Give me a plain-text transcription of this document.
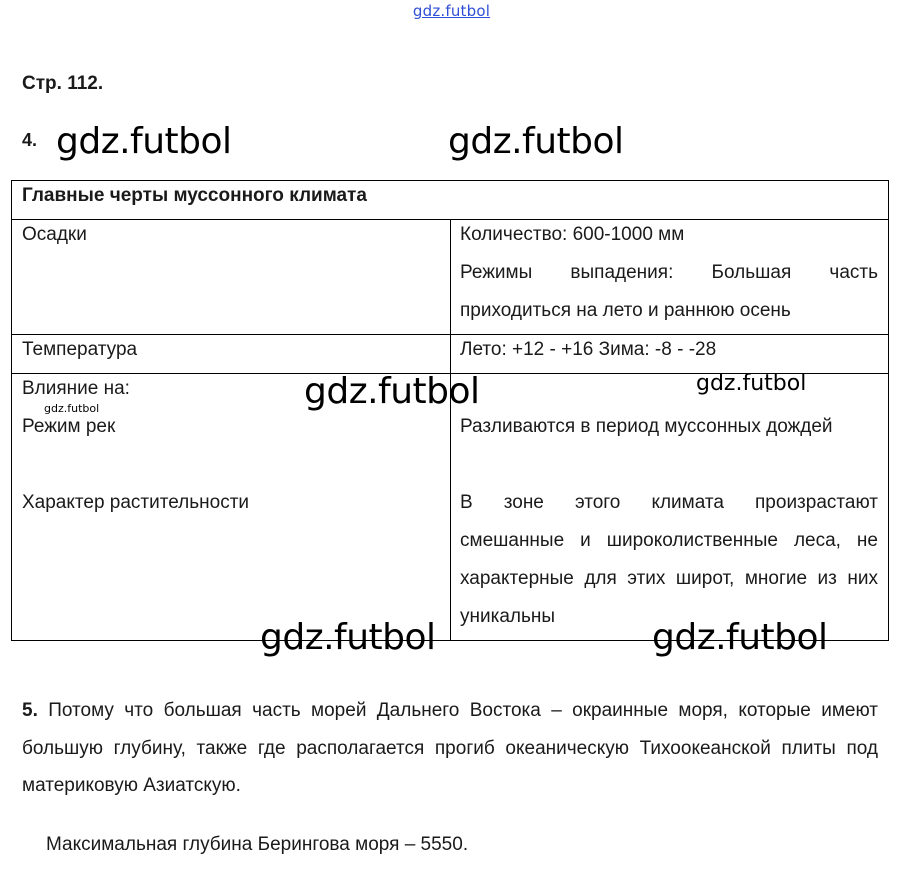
gdz.futbol
Стр. 112.
4. gdz.futbol	gdz.futbol
Главные черты муссонного климата
Осадки	Количество: 600-1000 мм
Режимы выпадения: Большая часть приходиться на лето и раннюю осень
Температура	Лето: +12 - +16 Зима: -8 - -28
Влияние на:
Режим рек	Разливаются в период муссонных дождей
Характер растительности	В зоне этого климата произрастают смешанные и широколиственные леса, не характерные для этих широт, многие из них уникальны
gdz.futbol	gdz.futbol
gdz.futbol
gdz.futbol	gdz.futbol
5. Потому что большая часть морей Дальнего Востока – окраинные моря, которые имеют большую глубину, также где располагается прогиб океаническую Тихоокеанской плиты под материковую Азиатскую.
Максимальная глубина Берингова моря – 5550.
